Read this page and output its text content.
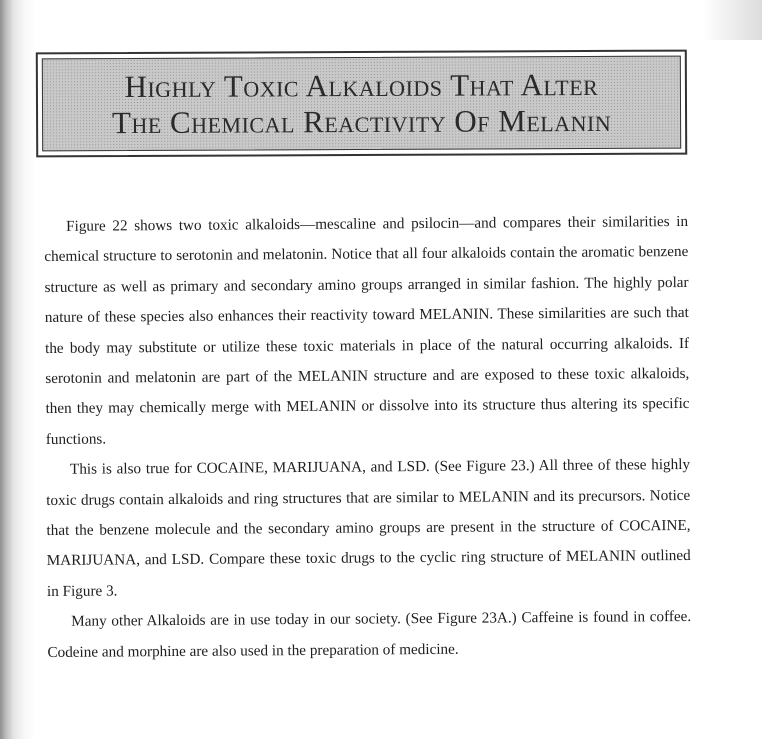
Highly Toxic Alkaloids That Alter
The Chemical Reactivity Of Melanin

Figure 22 shows two toxic alkaloids—mescaline and psilocin—and compares their similarities in chemical structure to serotonin and melatonin. Notice that all four alkaloids contain the aromatic benzene structure as well as primary and secondary amino groups arranged in similar fashion. The highly polar nature of these species also enhances their reactivity toward MELANIN. These similarities are such that the body may substitute or utilize these toxic materials in place of the natural occurring alkaloids. If serotonin and melatonin are part of the MELANIN structure and are exposed to these toxic alkaloids, then they may chemically merge with MELANIN or dissolve into its structure thus altering its specific functions.

This is also true for COCAINE, MARIJUANA, and LSD. (See Figure 23.) All three of these highly toxic drugs contain alkaloids and ring structures that are similar to MELANIN and its precursors. Notice that the benzene molecule and the secondary amino groups are present in the structure of COCAINE, MARIJUANA, and LSD. Compare these toxic drugs to the cyclic ring structure of MELANIN outlined in Figure 3.

Many other Alkaloids are in use today in our society. (See Figure 23A.) Caffeine is found in coffee. Codeine and morphine are also used in the preparation of medicine.
